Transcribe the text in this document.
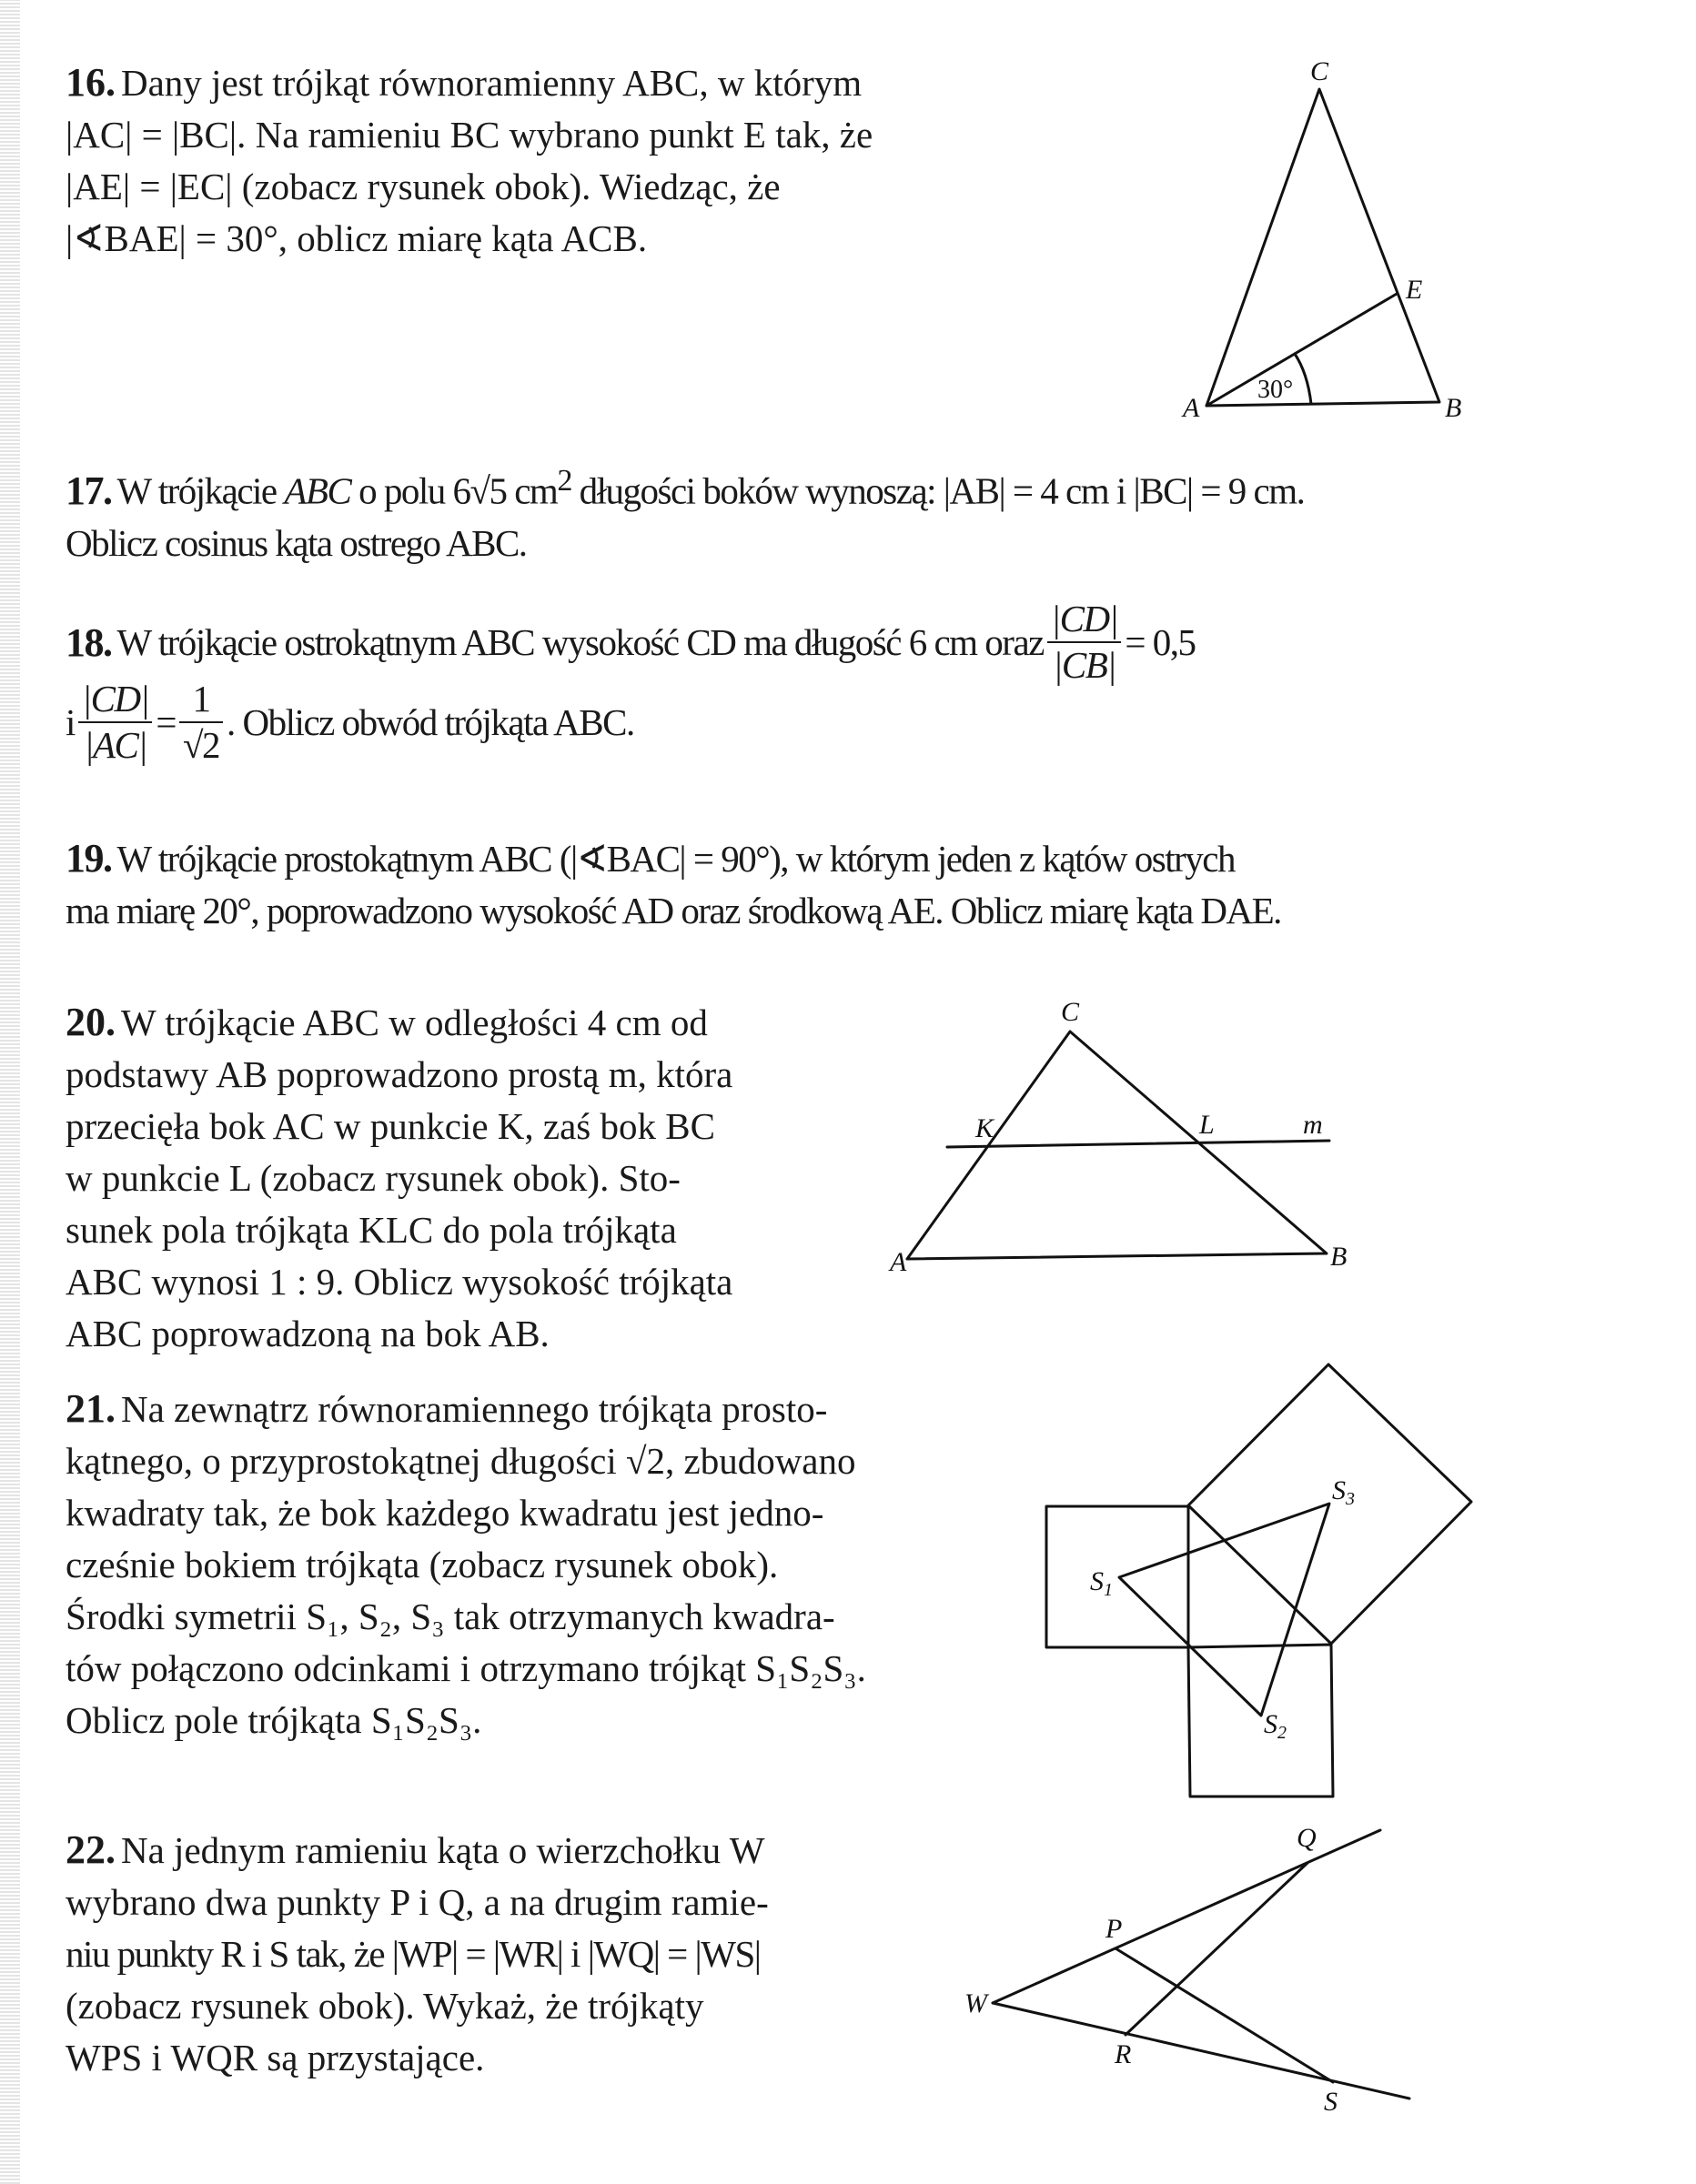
16. Dany jest trójkąt równoramienny ABC, w którym
|AC| = |BC|. Na ramieniu BC wybrano punkt E tak, że
|AE| = |EC| (zobacz rysunek obok). Wiedząc, że
|∢BAE| = 30°, oblicz miarę kąta ACB.
17. W trójkącie ABC o polu 6√5 $cm^2$ długości boków wynoszą: |AB| = 4 cm i |BC| = 9 cm.
Oblicz cosinus kąta ostrego ABC.
18. W trójkącie ostrokątnym ABC wysokość CD ma długość 6 cm oraz $\frac{|CD|}{|CB|} = 0,5$
i $\frac{|CD|}{|AC|} = \frac{1}{√2}$ . Oblicz obwód trójkąta ABC.
19. W trójkącie prostokątnym ABC (|∢BAC| = 90°), w którym jeden z kątów ostrych
ma miarę 20°, poprowadzono wysokość AD oraz środkową AE. Oblicz miarę kąta DAE.
20. W trójkącie ABC w odległości 4 cm od
podstawy AB poprowadzono prostą m, która
przecięła bok AC w punkcie K, zaś bok BC
w punkcie L (zobacz rysunek obok). Sto-
sunek pola trójkąta KLC do pola trójkąta
ABC wynosi 1 : 9. Oblicz wysokość trójkąta
ABC poprowadzoną na bok AB.
21. Na zewnątrz równoramiennego trójkąta prosto-
kątnego, o przyprostokątnej długości √2, zbudowano
kwadraty tak, że bok każdego kwadratu jest jedno-
cześnie bokiem trójkąta (zobacz rysunek obok).
Środki symetrii S₁, S₂, S₃ tak otrzymanych kwadra-
tów połączono odcinkami i otrzymano trójkąt S₁S₂S₃.
Oblicz pole trójkąta S₁S₂S₃.
22. Na jednym ramieniu kąta o wierzchołku W
wybrano dwa punkty P i Q, a na drugim ramie-
niu punkty R i S tak, że |WP| = |WR| i |WQ| = |WS|
(zobacz rysunek obok). Wykaż, że trójkąty
WPS i WQR są przystające.
C
A	B
E
30°
C
A	B
K	L	m
$S_1$
$S_3$
$S_2$
W
P
Q
R
S
